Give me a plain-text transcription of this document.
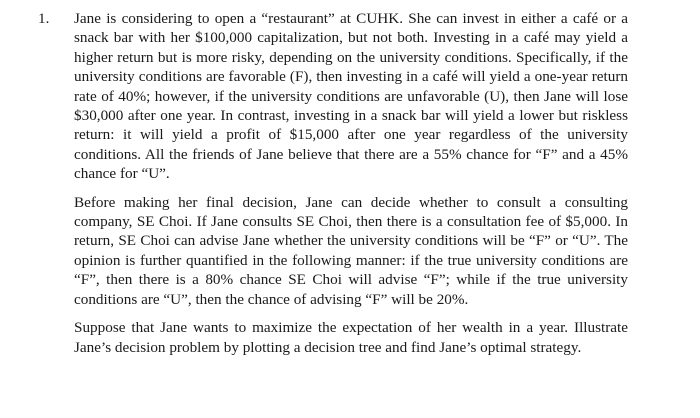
1.	Jane is considering to open a “restaurant” at CUHK. She can invest in either a café or a snack bar with her $100,000 capitalization, but not both. Investing in a café may yield a higher return but is more risky, depending on the university conditions. Specifically, if the university conditions are favorable (F), then investing in a café will yield a one-year return rate of 40%; however, if the university conditions are unfavorable (U), then Jane will lose $30,000 after one year. In contrast, investing in a snack bar will yield a lower but riskless return: it will yield a profit of $15,000 after one year regardless of the university conditions. All the friends of Jane believe that there are a 55% chance for “F” and a 45% chance for “U”.

Before making her final decision, Jane can decide whether to consult a consulting company, SE Choi. If Jane consults SE Choi, then there is a consultation fee of $5,000. In return, SE Choi can advise Jane whether the university conditions will be “F” or “U”. The opinion is further quantified in the following manner: if the true university conditions are “F”, then there is a 80% chance SE Choi will advise “F”; while if the true university conditions are “U”, then the chance of advising “F” will be 20%.

Suppose that Jane wants to maximize the expectation of her wealth in a year. Illustrate Jane’s decision problem by plotting a decision tree and find Jane’s optimal strategy.
